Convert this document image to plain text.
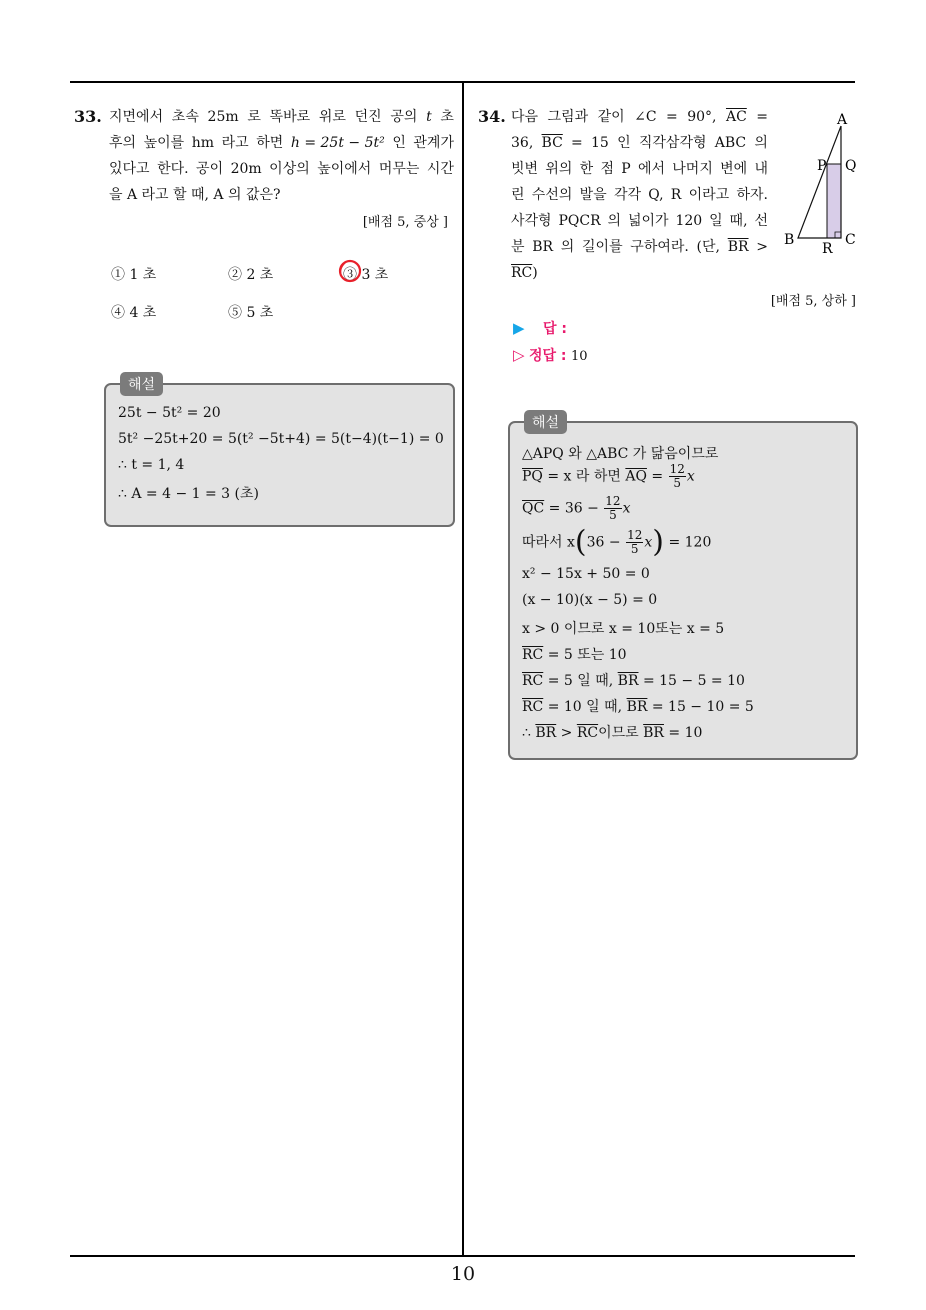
33. 지면에서 초속 25m 로 똑바로 위로 던진 공의 t 초

후의 높이를 hm 라고 하면 h = 25t − 5t² 인 관계가

있다고 한다. 공이 20m 이상의 높이에서 머무는 시간

을 A 라고 할 때, A 의 값은?

[배점 5, 중상 ]
① 1 초	② 2 초	③ 3 초
④ 4 초	⑤ 5 초
해설
25t − 5t² = 20
5t² −25t+20 = 5(t² −5t+4) = 5(t−4)(t−1) = 0
∴ t = 1, 4
∴ A = 4 − 1 = 3 (초)
34. 다음 그림과 같이 ∠C = 90°, $\overline{AC}$ =

36, $\overline{BC} = 15$ 인 직각삼각형 ABC 의

빗변 위의 한 점 P 에서 나머지 변에 내

린 수선의 발을 각각 Q, R 이라고 하자.

사각형 PQCR 의 넓이가 120 일 때, 선

분 BR 의 길이를 구하여라. (단, $\overline{BR}$ >

$\overline{RC}$)

A
P Q
B
R
C
[배점 5, 상하 ]
▶ 답 :
▷ 정답 : 10
해설
△APQ 와 △ABC 가 닮음이므로
$\overline{PQ} = x$ 라 하면 $\overline{AQ} = \frac{12}{5}$ x
$\overline{QC} = 36 - \frac{12}{5}$ x
따라서 $x(36 - \frac{12}{5} x) = 120$
x² − 15x + 50 = 0
(x − 10)(x − 5) = 0
x > 0 이므로 x = 10또는 x = 5
$\overline{RC} = 5$ 또는 10
$\overline{RC} = 5$ 일 때, $\overline{BR} = 15 - 5 = 10$
$\overline{RC} = 10$ 일 때, $\overline{BR} = 15 - 10 = 5$
∴ $\overline{BR} > \overline{RC}$이므로 $\overline{BR} = 10$
10
